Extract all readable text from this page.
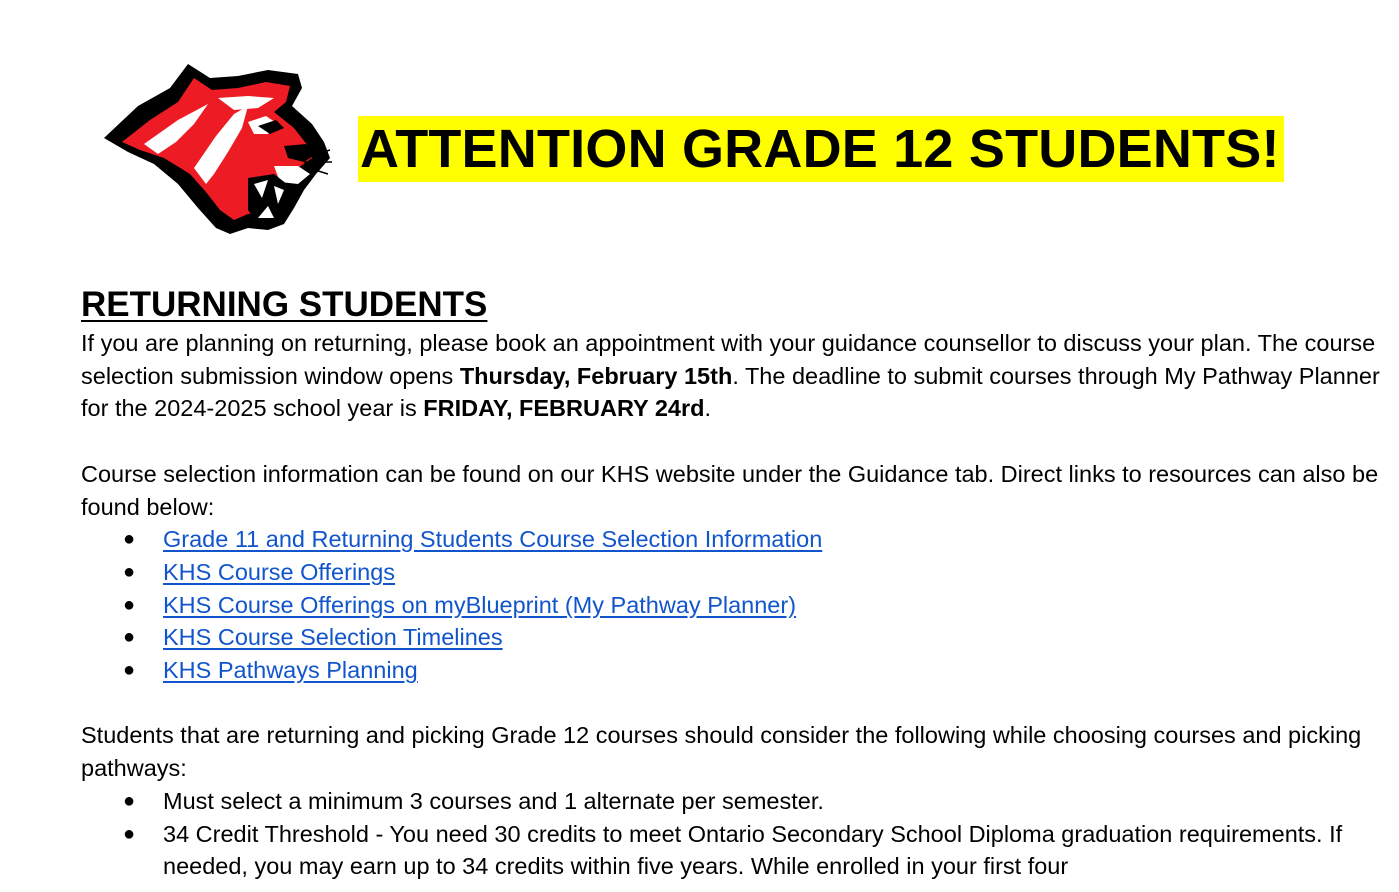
ATTENTION GRADE 12 STUDENTS!
RETURNING STUDENTS

If you are planning on returning, please book an appointment with your guidance counsellor to discuss your plan. The course selection submission window opens Thursday, February 15th. The deadline to submit courses through My Pathway Planner for the 2024-2025 school year is FRIDAY, FEBRUARY 24rd.

Course selection information can be found on our KHS website under the Guidance tab. Direct links to resources can also be found below:

● Grade 11 and Returning Students Course Selection Information
● KHS Course Offerings
● KHS Course Offerings on myBlueprint (My Pathway Planner)
● KHS Course Selection Timelines
● KHS Pathways Planning

Students that are returning and picking Grade 12 courses should consider the following while choosing courses and picking pathways:

● Must select a minimum 3 courses and 1 alternate per semester.
● 34 Credit Threshold - You need 30 credits to meet Ontario Secondary School Diploma graduation requirements. If needed, you may earn up to 34 credits within five years. While enrolled in your first four
